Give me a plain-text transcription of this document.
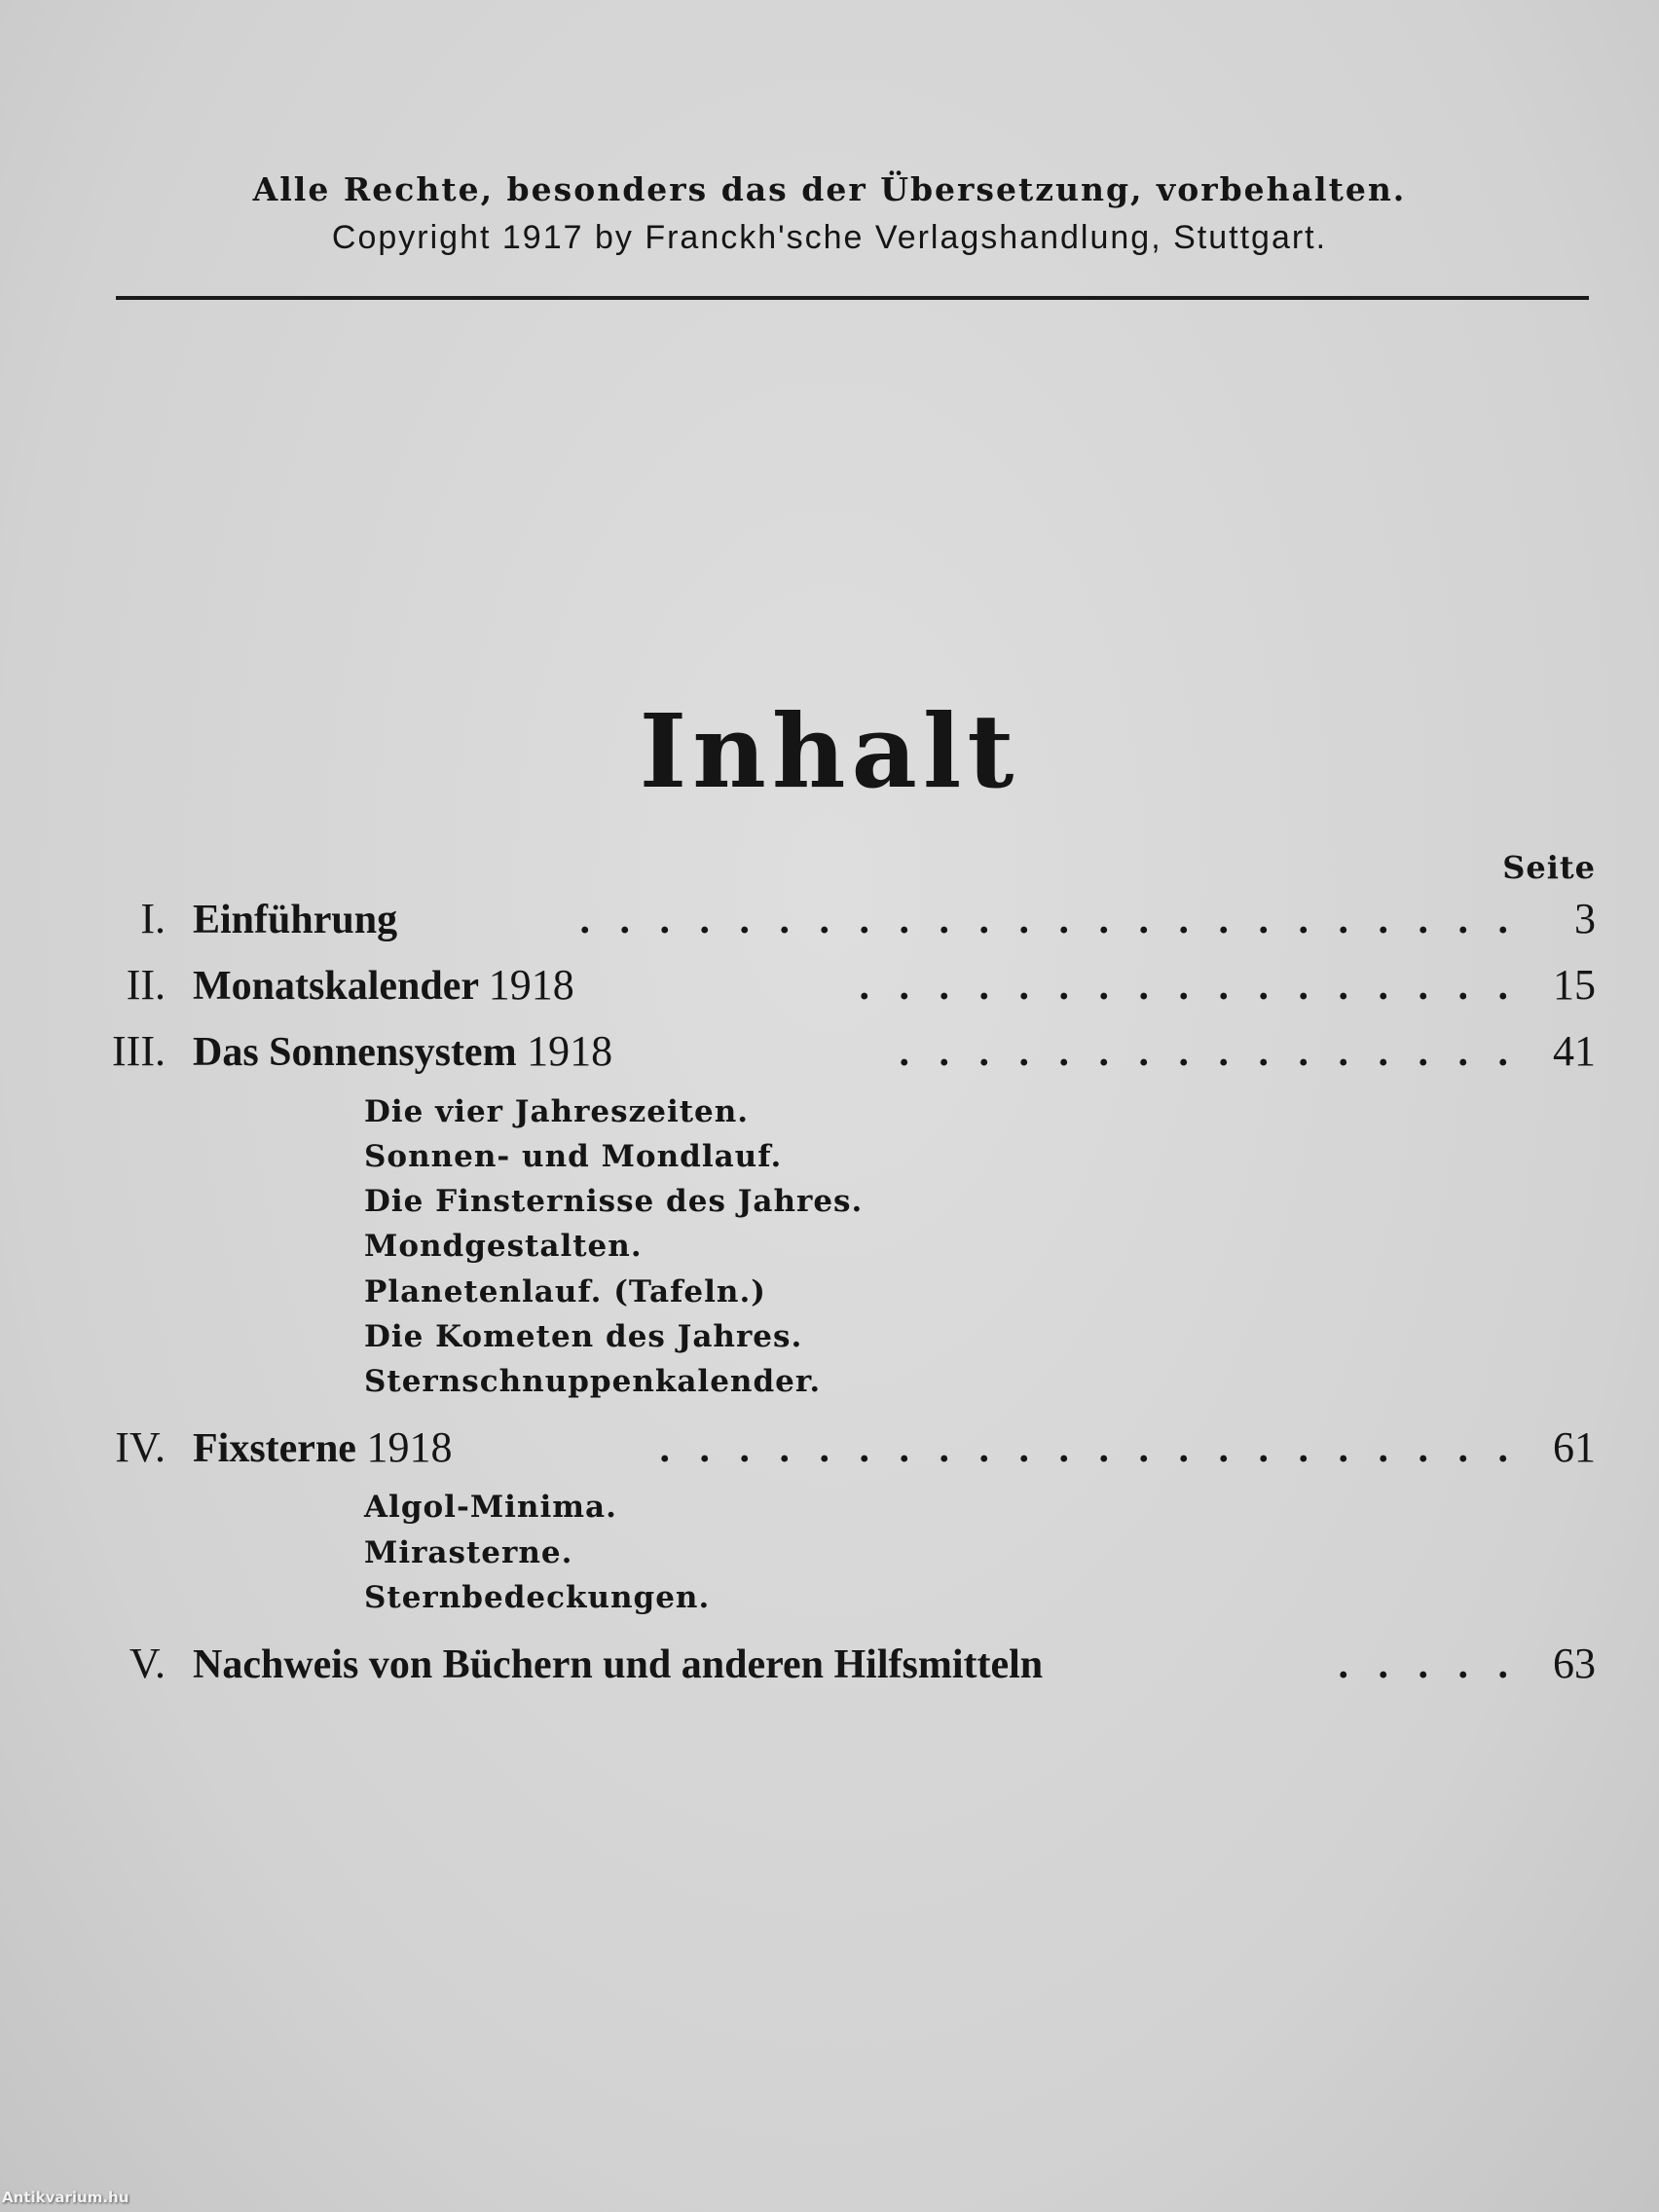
Alle Rechte, besonders das der Übersetzung, vorbehalten.
Copyright 1917 by Franckh'sche Verlagshandlung, Stuttgart.
Inhalt
Seite
I. Einführung	. . . . . . . . . . . . . . . . . . . . . . . .	3
II. Monatskalender 1918	. . . . . . . . . . . . . . . . . 15
III. Das Sonnensystem 1918	. . . . . . . . . . . . . . . . 41
Die vier Jahreszeiten.
Sonnen- und Mondlauf.
Die Finsternisse des Jahres.
Mondgestalten.
Planetenlauf. (Tafeln.)
Die Kometen des Jahres.
Sternschnuppenkalender.
IV. Fixsterne 1918	. . . . . . . . . . . . . . . . . . . . . . 61
Algol-Minima.
Mirasterne.
Sternbedeckungen.
V. Nachweis von Büchern und anderen Hilfsmitteln	. . . . . 63
Antikvarium.hu
